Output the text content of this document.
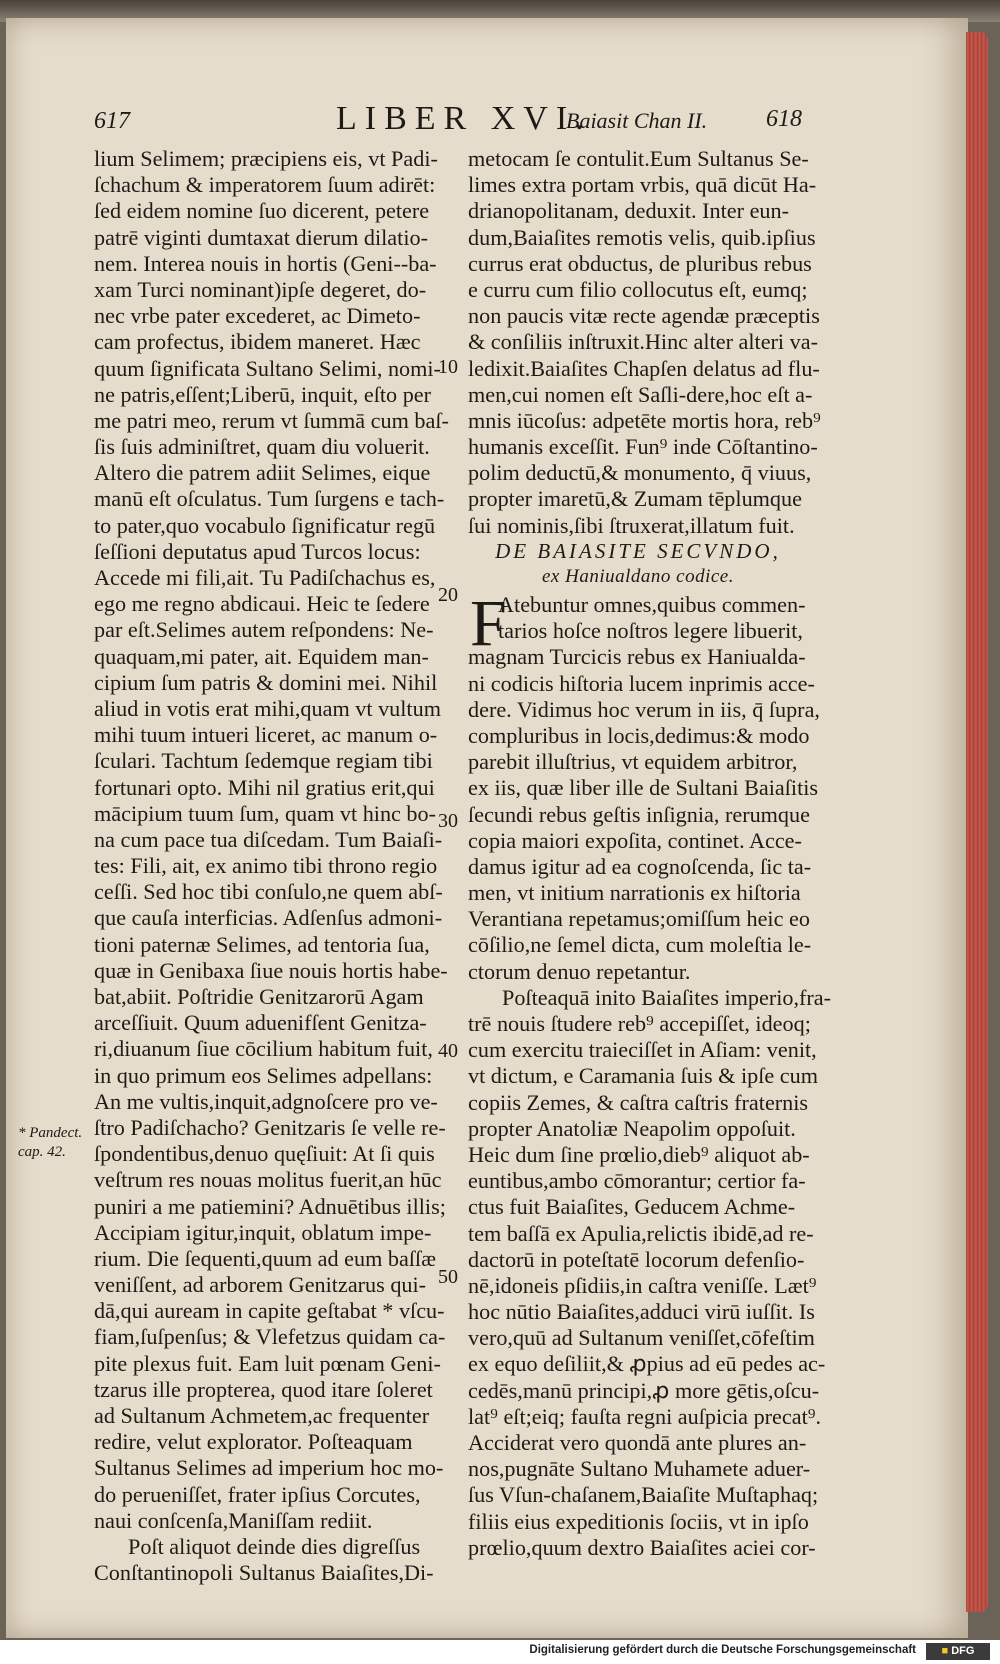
617	LIBER XVI.
Baiasit Chan II. 618
lium Selimem; præcipiens eis, vt Padi-
ſchachum & imperatorem ſuum adirēt:
ſed eidem nomine ſuo dicerent, petere
patrē viginti dumtaxat dierum dilatio-
nem. Interea nouis in hortis (Geni--ba-
xam Turci nominant)ipſe degeret, do-
nec vrbe pater excederet, ac Dimeto-
cam profectus, ibidem maneret. Hæc
quum ſignificata Sultano Selimi, nomi-
ne patris,eſſent;Liberū, inquit, eſto per
me patri meo, rerum vt ſummā cum baſ-
ſis ſuis adminiſtret, quam diu voluerit.
Altero die patrem adiit Selimes, eique
manū eſt oſculatus. Tum ſurgens e tach-
to pater,quo vocabulo ſignificatur regū
ſeſſioni deputatus apud Turcos locus:
Accede mi fili,ait. Tu Padiſchachus es,
ego me regno abdicaui. Heic te ſedere
par eſt.Selimes autem reſpondens: Ne-
quaquam,mi pater, ait. Equidem man-
cipium ſum patris & domini mei. Nihil
aliud in votis erat mihi,quam vt vultum
mihi tuum intueri liceret, ac manum o-
ſculari. Tachtum ſedemque regiam tibi
fortunari opto. Mihi nil gratius erit,qui
mācipium tuum ſum, quam vt hinc bo-
na cum pace tua diſcedam. Tum Baiaſi-
tes: Fili, ait, ex animo tibi throno regio
ceſſi. Sed hoc tibi conſulo,ne quem abſ-
que cauſa interficias. Adſenſus admoni-
tioni paternæ Selimes, ad tentoria ſua,
quæ in Genibaxa ſiue nouis hortis habe-
bat,abiit. Poſtridie Genitzarorū Agam
arceſſiuit. Quum aduenifſent Genitza-
ri,diuanum ſiue cōcilium habitum fuit,
in quo primum eos Selimes adpellans:
An me vultis,inquit,adgnoſcere pro ve-
ſtro Padiſchacho? Genitzaris ſe velle re-
ſpondentibus,denuo quęſiuit: At ſi quis
veſtrum res nouas molitus fuerit,an hūc
puniri a me patiemini? Adnuētibus illis;
Accipiam igitur,inquit, oblatum impe-
rium. Die ſequenti,quum ad eum baſſæ
veniſſent, ad arborem Genitzarus qui-
dā,qui auream in capite geſtabat * vſcu-
fiam,ſuſpenſus; & Vlefetzus quidam ca-
pite plexus fuit. Eam luit pœnam Geni-
tzarus ille propterea, quod itare ſoleret
ad Sultanum Achmetem,ac frequenter
redire, velut explorator. Poſteaquam
Sultanus Selimes ad imperium hoc mo-
do perueniſſet, frater ipſius Corcutes,
naui conſcenſa,Maniſſam rediit.
Poſt aliquot deinde dies digreſſus
Conſtantinopoli Sultanus Baiaſites,Di-
metocam ſe contulit.Eum Sultanus Se-
limes extra portam vrbis, quā dicūt Ha-
drianopolitanam, deduxit. Inter eun-
dum,Baiaſites remotis velis, quib.ipſius
currus erat obductus, de pluribus rebus
e curru cum filio collocutus eſt, eumq;
non paucis vitæ recte agendæ præceptis
& conſiliis inſtruxit.Hinc alter alteri va-
ledixit.Baiaſites Chapſen delatus ad flu-
men,cui nomen eſt Saſli-dere,hoc eſt a-
mnis iūcoſus: adpetēte mortis hora, reb⁹
humanis exceſſit. Fun⁹ inde Cōſtantino-
polim deductū,& monumento, q̄ viuus,
propter imaretū,& Zumam tēplumque
ſui nominis,ſibi ſtruxerat,illatum fuit.
DE BAIASITE SECVNDO,
ex Haniualdano codice.
F
Atebuntur omnes,quibus commen-
tarios hoſce noſtros legere libuerit,
magnam Turcicis rebus ex Haniualda-
ni codicis hiſtoria lucem inprimis acce-
dere. Vidimus hoc verum in iis, q̄ ſupra,
compluribus in locis,dedimus:& modo
parebit illuſtrius, vt equidem arbitror,
ex iis, quæ liber ille de Sultani Baiaſitis
ſecundi rebus geſtis inſignia, rerumque
copia maiori expoſita, continet. Acce-
damus igitur ad ea cognoſcenda, ſic ta-
men, vt initium narrationis ex hiſtoria
Verantiana repetamus;omiſſum heic eo
cōſilio,ne ſemel dicta, cum moleſtia le-
ctorum denuo repetantur.
Poſteaquā inito Baiaſites imperio,fra-
trē nouis ſtudere reb⁹ accepiſſet, ideoq;
cum exercitu traieciſſet in Aſiam: venit,
vt dictum, e Caramania ſuis & ipſe cum
copiis Zemes, & caſtra caſtris fraternis
propter Anatoliæ Neapolim oppoſuit.
Heic dum ſine prœlio,dieb⁹ aliquot ab-
euntibus,ambo cōmorantur; certior fa-
ctus fuit Baiaſites, Geducem Achme-
tem baſſā ex Apulia,relictis ibidē,ad re-
dactorū in poteſtatē locorum defenſio-
nē,idoneis pſidiis,in caſtra veniſſe. Læt⁹
hoc nūtio Baiaſites,adduci virū iuſſit. Is
vero,quū ad Sultanum veniſſet,cōfeſtim
ex equo deſiliit,& ꝓpius ad eū pedes ac-
cedēs,manū principi,ꝓ more gētis,oſcu-
lat⁹ eſt;eiq; fauſta regni auſpicia precat⁹.
Acciderat vero quondā ante plures an-
nos,pugnāte Sultano Muhamete aduer-
ſus Vſun-chaſanem,Baiaſite Muſtaphaq;
filiis eius expeditionis ſociis, vt in ipſo
prœlio,quum dextro Baiaſites aciei cor-
10
20
30
40
50
* Pandect.
cap. 42.
Digitalisierung gefördert durch die Deutsche Forschungsgemeinschaft	■ DFG
